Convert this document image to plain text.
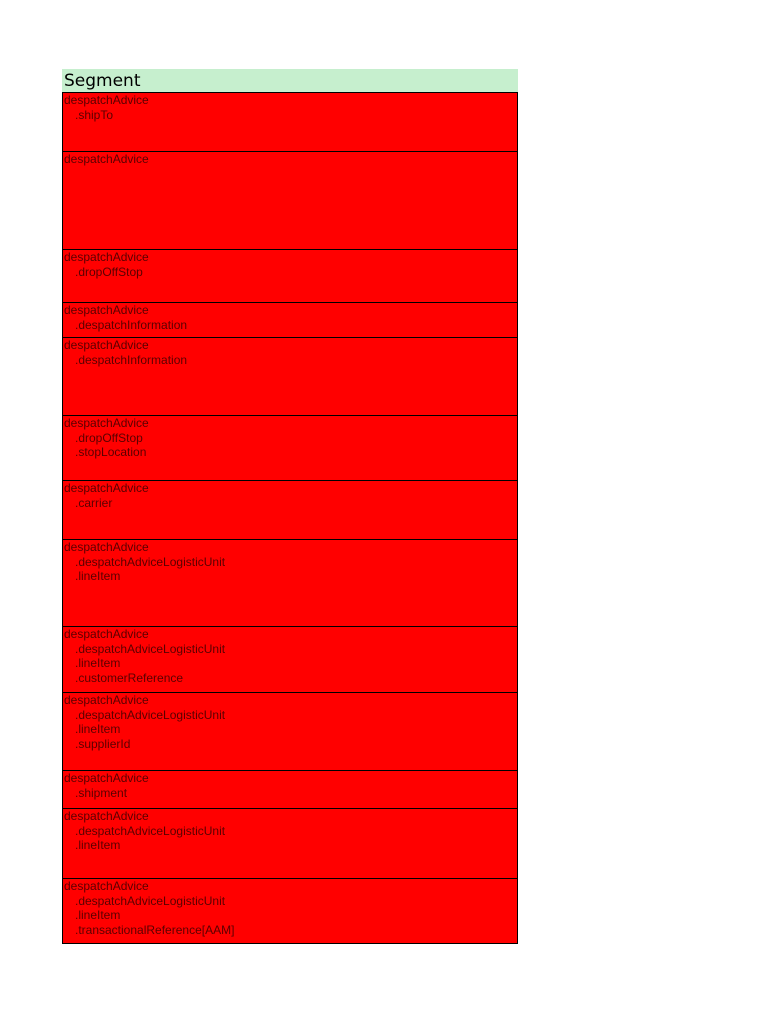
Segment
despatchAdvice
.shipTo
despatchAdvice
despatchAdvice
.dropOffStop
despatchAdvice
.despatchInformation
despatchAdvice
.despatchInformation
despatchAdvice
.dropOffStop
.stopLocation
despatchAdvice
.carrier
despatchAdvice
.despatchAdviceLogisticUnit
.lineItem
despatchAdvice
.despatchAdviceLogisticUnit
.lineItem
.customerReference
despatchAdvice
.despatchAdviceLogisticUnit
.lineItem
.supplierId
despatchAdvice
.shipment
despatchAdvice
.despatchAdviceLogisticUnit
.lineItem
despatchAdvice
.despatchAdviceLogisticUnit
.lineItem
.transactionalReference[AAM]
